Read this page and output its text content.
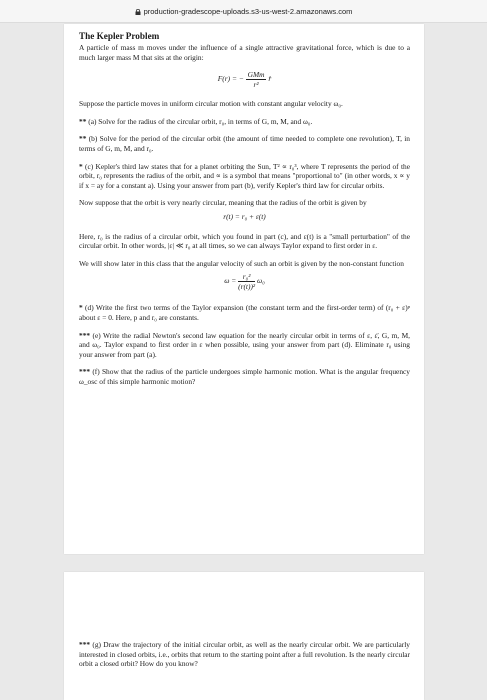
production-gradescope-uploads.s3-us-west-2.amazonaws.com
The Kepler Problem

A particle of mass m moves under the influence of a single attractive gravitational force, which is due to a much larger mass M that sits at the origin:

F(r) = − $\frac{\text{GMm}}{\text{r²}}$ r̂

Suppose the particle moves in uniform circular motion with constant angular velocity ω₀.

** (a) Solve for the radius of the circular orbit, r₀, in terms of G, m, M, and ω₀.

** (b) Solve for the period of the circular orbit (the amount of time needed to complete one revolution), T, in terms of G, m, M, and r₀.

* (c) Kepler's third law states that for a planet orbiting the Sun, T² ∝ r₀³, where T represents the period of the orbit, r₀ represents the radius of the orbit, and ∝ is a symbol that means "proportional to" (in other words, x ∝ y if x = ay for a constant a). Using your answer from part (b), verify Kepler's third law for circular orbits.

Now suppose that the orbit is very nearly circular, meaning that the radius of the orbit is given by

r(t) = r₀ + ε(t)

Here, r₀ is the radius of a circular orbit, which you found in part (c), and ε(t) is a "small perturbation" of the circular orbit. In other words, |ε| ≪ r₀ at all times, so we can always Taylor expand to first order in ε.

We will show later in this class that the angular velocity of such an orbit is given by the non-constant function

$\omega = \frac{\text{r₀²}}{\text{(r(t))²}} \omega_0$

* (d) Write the first two terms of the Taylor expansion (the constant term and the first-order term) of (r₀ + ε)ᵖ about ε = 0. Here, p and r₀ are constants.

*** (e) Write the radial Newton's second law equation for the nearly circular orbit in terms of ε, ε̈, G, m, M, and ω₀. Taylor expand to first order in ε when possible, using your answer from part (d). Eliminate r₀ using your answer from part (a).

*** (f) Show that the radius of the particle undergoes simple harmonic motion. What is the angular frequency ω_osc of this simple harmonic motion?

*** (g) Draw the trajectory of the initial circular orbit, as well as the nearly circular orbit. We are particularly interested in closed orbits, i.e., orbits that return to the starting point after a full revolution. Is the nearly circular orbit a closed orbit? How do you know?
